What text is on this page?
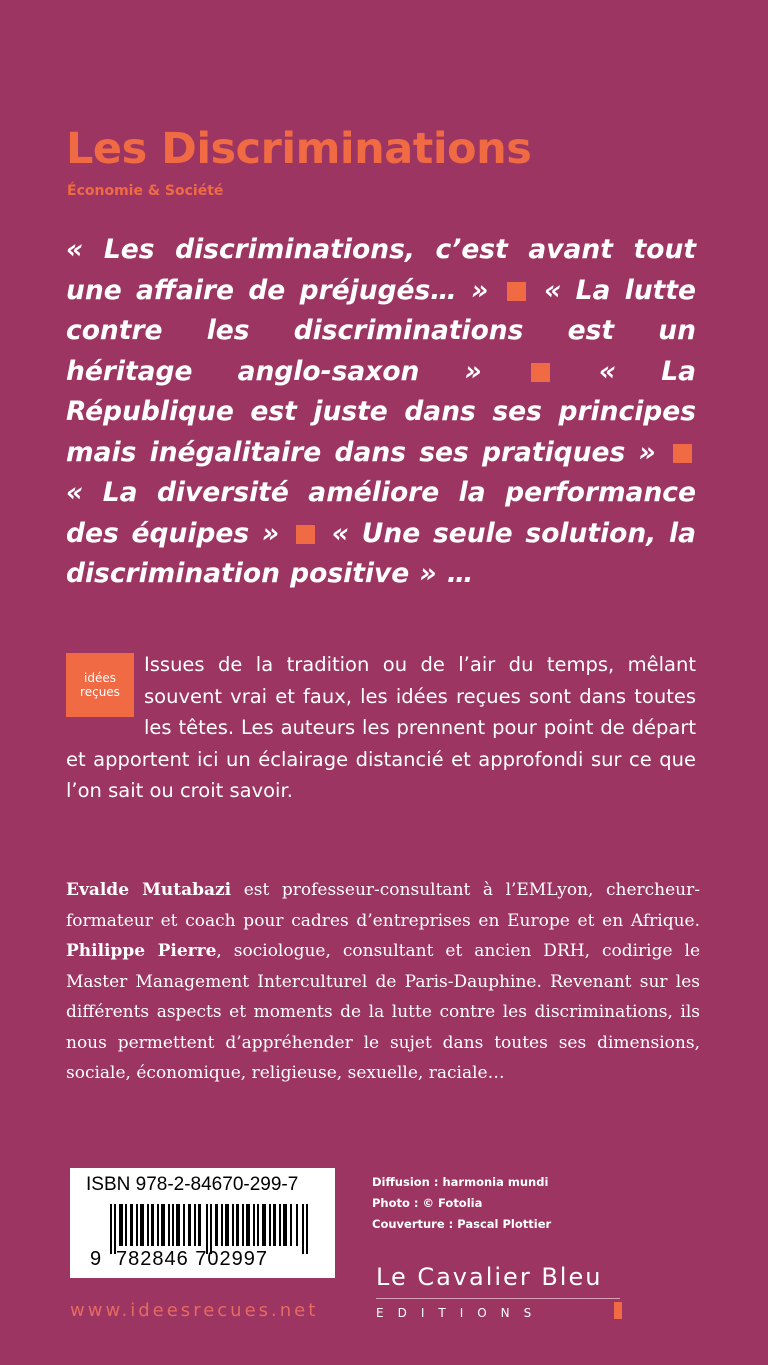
Les Discriminations
Économie & Société

« Les discriminations, c’est avant tout une affaire de préjugés… » « La lutte contre les discriminations est un héritage anglo-saxon »	« La République est juste dans ses principes mais inégalitaire dans ses pratiques »  « La diversité améliore la performance des équipes » « Une seule solution, la discrimination positive » …

Issues de la tradition ou de l’air du temps, mêlant souvent vrai et faux, les idées reçues sont dans toutes les têtes. Les auteurs les prennent pour point de départ et apportent ici un éclairage distancié et approfondi sur ce que l’on sait ou croit savoir.

idées
reçues

Evalde Mutabazi est professeur-consultant à l’EMLyon, chercheur-formateur et coach pour cadres d’entreprises en Europe et en Afrique. Philippe Pierre, sociologue, consultant et ancien DRH, codirige le Master Management Interculturel de Paris-Dauphine. Revenant sur les différents aspects et moments de la lutte contre les discriminations, ils nous permettent d’appréhender le sujet dans toutes ses dimensions, sociale, économique, religieuse, sexuelle, raciale…

ISBN 978-2-84670-299-7
9 782846 702997
Diffusion : harmonia mundi
Photo : © Fotolia
Couverture : Pascal Plottier
Le Cavalier Bleu
EDITIONS
www.ideesrecues.net
